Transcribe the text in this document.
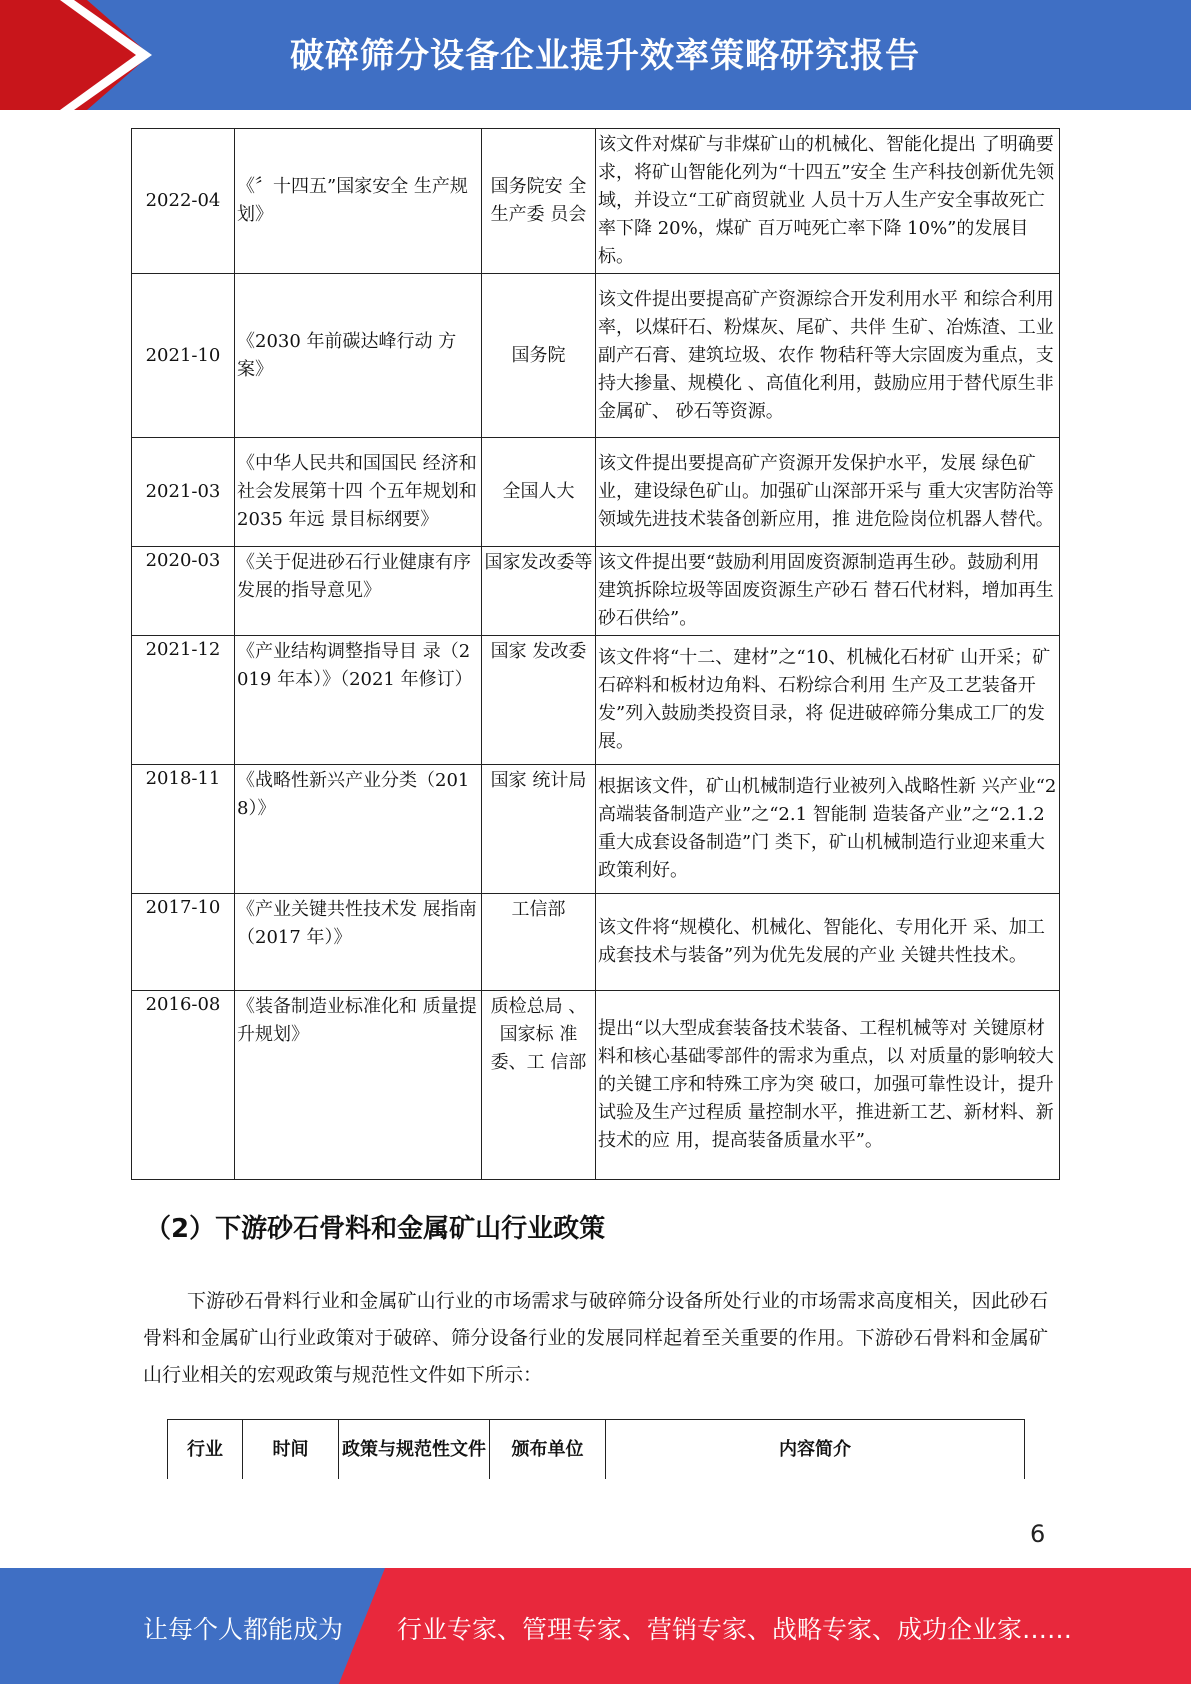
破碎筛分设备企业提升效率策略研究报告
2022-04	《〞十四五”国家安全 生产规划》	国务院安 全生产委 员会	该文件对煤矿与非煤矿山的机械化、智能化提出 了明确要求，将矿山智能化列为“十四五”安全 生产科技创新优先领域，并设立“工矿商贸就业 人员十万人生产安全事故死亡率下降 20%，煤矿 百万吨死亡率下降 10%”的发展目标。
2021-10	《2030 年前碳达峰行动 方案》	国务院	该文件提出要提高矿产资源综合开发利用水平 和综合利用率，以煤矸石、粉煤灰、尾矿、共伴 生矿、冶炼渣、工业副产石膏、建筑垃圾、农作 物秸秆等大宗固废为重点，支持大掺量、规模化 、高值化利用，鼓励应用于替代原生非金属矿、 砂石等资源。
2021-03	《中华人民共和国国民 经济和社会发展第十四 个五年规划和 2035 年远 景目标纲要》	全国人大	该文件提出要提高矿产资源开发保护水平，发展 绿色矿业，建设绿色矿山。加强矿山深部开采与 重大灾害防治等领域先进技术装备创新应用，推 进危险岗位机器人替代。
2020-03	《关于促进砂石行业健康有序发展的指导意见》	国家发改委等	该文件提出要“鼓励利用固废资源制造再生砂。鼓励利用建筑拆除垃圾等固废资源生产砂石 替石代材料，增加再生砂石供给”。
2021-12	《产业结构调整指导目 录（2019 年本）》（2021 年修订）	国家 发改委	该文件将“十二、建材”之“10、机械化石材矿 山开采；矿石碎料和板材边角料、石粉综合利用 生产及工艺装备开发”列入鼓励类投资目录，将 促进破碎筛分集成工厂的发展。
2018-11	《战略性新兴产业分类（2018）》	国家 统计局	根据该文件，矿山机械制造行业被列入战略性新 兴产业“2 高端装备制造产业”之“2.1 智能制 造装备产业”之“2.1.2 重大成套设备制造”门 类下，矿山机械制造行业迎来重大政策利好。
2017-10	《产业关键共性技术发 展指南（2017 年）》	工信部	该文件将“规模化、机械化、智能化、专用化开 采、加工成套技术与装备”列为优先发展的产业 关键共性技术。
2016-08	《装备制造业标准化和 质量提升规划》	质检总局 、国家标 准委、工 信部	提出“以大型成套装备技术装备、工程机械等对 关键原材料和核心基础零部件的需求为重点，以 对质量的影响较大的关键工序和特殊工序为突 破口，加强可靠性设计，提升试验及生产过程质 量控制水平，推进新工艺、新材料、新技术的应 用，提高装备质量水平”。
（2）下游砂石骨料和金属矿山行业政策

下游砂石骨料行业和金属矿山行业的市场需求与破碎筛分设备所处行业的市场需求高度相关，因此砂石骨料和金属矿山行业政策对于破碎、筛分设备行业的发展同样起着至关重要的作用。下游砂石骨料和金属矿山行业相关的宏观政策与规范性文件如下所示：

行业	时间	政策与规范性文件	颁布单位	内容简介
6
让每个人都能成为 行业专家、管理专家、营销专家、战略专家、成功企业家……
